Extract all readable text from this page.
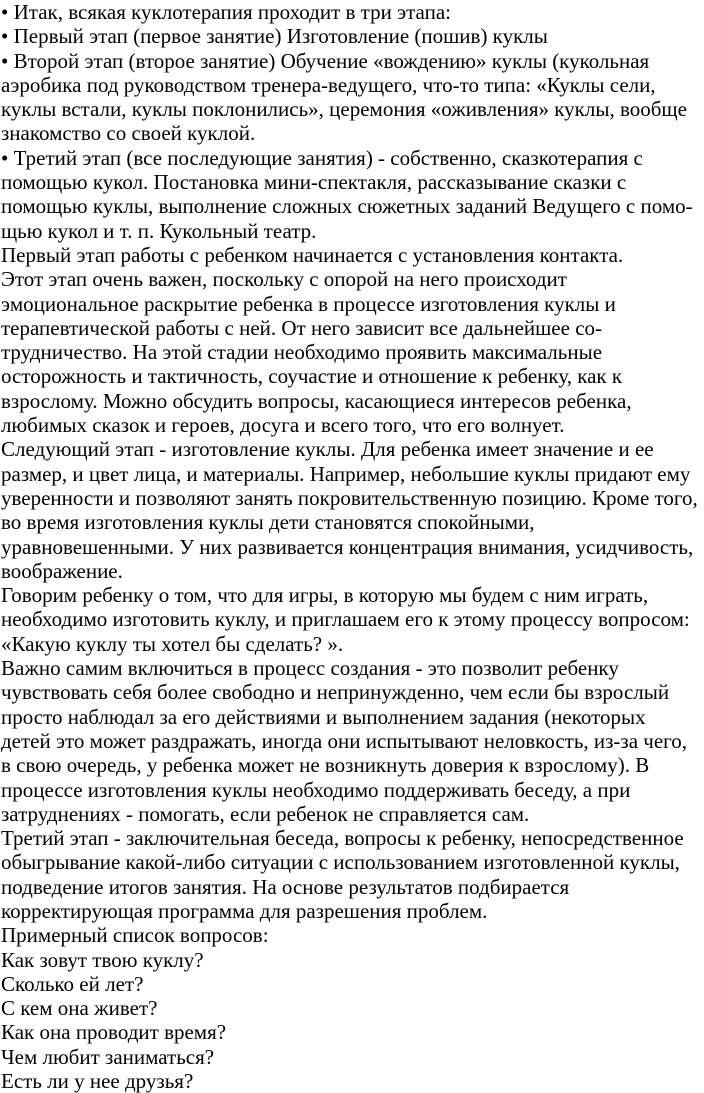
• Итак, всякая куклотерапия проходит в три этапа:
• Первый этап (первое занятие) Изготовление (пошив) куклы
• Второй этап (второе занятие) Обучение «вождению» куклы (кукольная
аэробика под руководством тренера-ведущего, что-то типа: «Куклы сели,
куклы встали, куклы поклонились», церемония «оживления» куклы, вообще
знакомство со своей куклой.
• Третий этап (все последующие занятия) - собственно, сказкотерапия с
помощью кукол. Постановка мини-спектакля, рассказывание сказки с
помощью куклы, выполнение сложных сюжетных заданий Ведущего с помо-
щью кукол и т. п. Кукольный театр.
Первый этап работы с ребенком начинается с установления контакта.
Этот этап очень важен, поскольку с опорой на него происходит
эмоциональное раскрытие ребенка в процессе изготовления куклы и
терапевтической работы с ней. От него зависит все дальнейшее со-
трудничество. На этой стадии необходимо проявить максимальные
осторожность и тактичность, соучастие и отношение к ребенку, как к
взрослому. Можно обсудить вопросы, касающиеся интересов ребенка,
любимых сказок и героев, досуга и всего того, что его волнует.
Следующий этап - изготовление куклы. Для ребенка имеет значение и ее
размер, и цвет лица, и материалы. Например, небольшие куклы придают ему
уверенности и позволяют занять покровительственную позицию. Кроме того,
во время изготовления куклы дети становятся спокойными,
уравновешенными. У них развивается концентрация внимания, усидчивость,
воображение.
Говорим ребенку о том, что для игры, в которую мы будем с ним играть,
необходимо изготовить куклу, и приглашаем его к этому процессу вопросом:
«Какую куклу ты хотел бы сделать? ».
Важно самим включиться в процесс создания - это позволит ребенку
чувствовать себя более свободно и непринужденно, чем если бы взрослый
просто наблюдал за его действиями и выполнением задания (некоторых
детей это может раздражать, иногда они испытывают неловкость, из-за чего,
в свою очередь, у ребенка может не возникнуть доверия к взрослому). В
процессе изготовления куклы необходимо поддерживать беседу, а при
затруднениях - помогать, если ребенок не справляется сам.
Третий этап - заключительная беседа, вопросы к ребенку, непосредственное
обыгрывание какой-либо ситуации с использованием изготовленной куклы,
подведение итогов занятия. На основе результатов подбирается
корректирующая программа для разрешения проблем.
Примерный список вопросов:
Как зовут твою куклу?
Сколько ей лет?
С кем она живет?
Как она проводит время?
Чем любит заниматься?
Есть ли у нее друзья?
